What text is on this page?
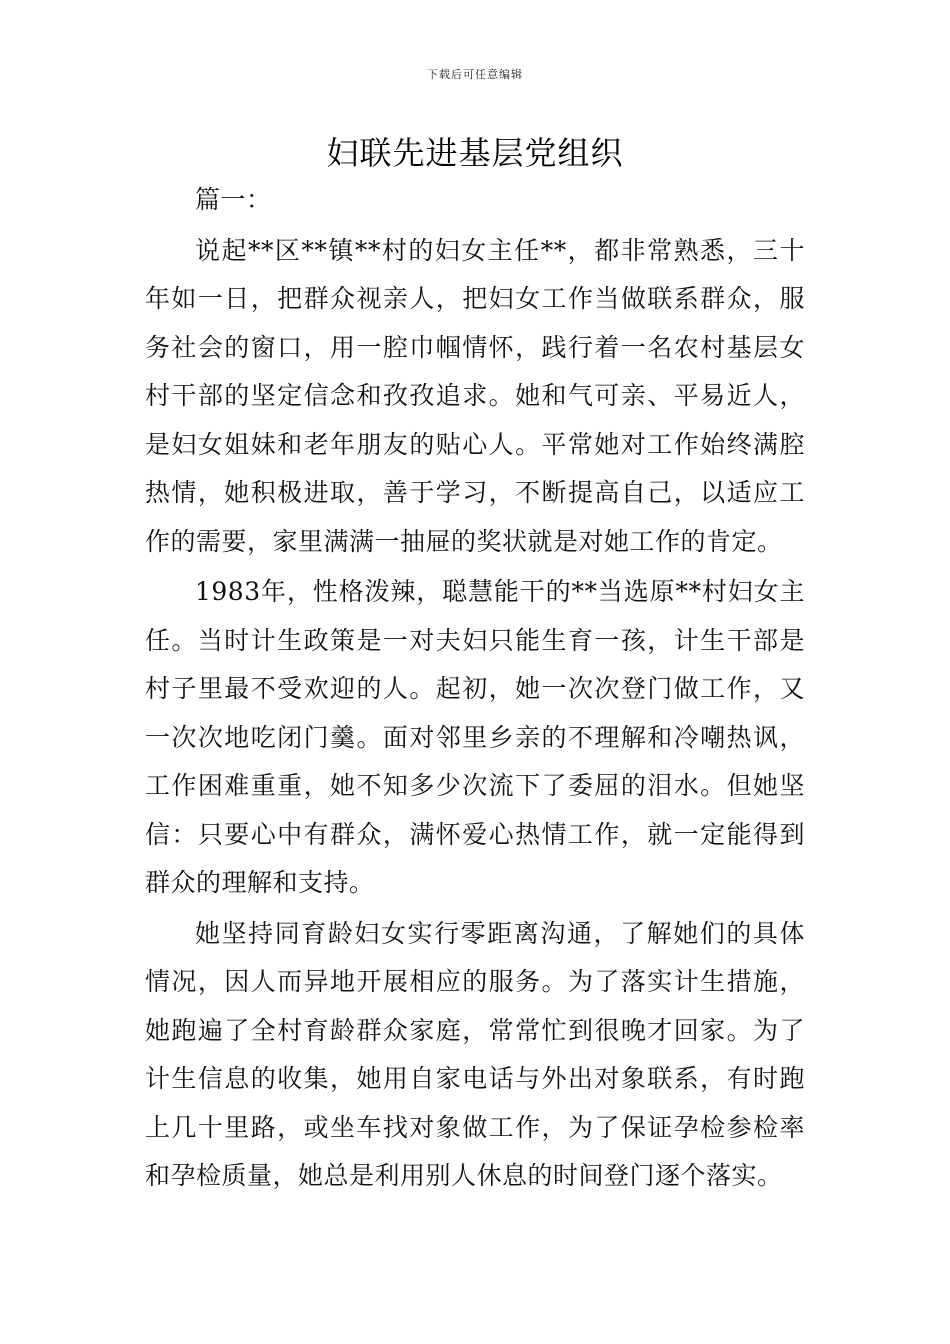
下载后可任意编辑
妇联先进基层党组织

篇一：

说起**区**镇**村的妇女主任**，都非常熟悉，三十年如一日，把群众视亲人，把妇女工作当做联系群众，服务社会的窗口，用一腔巾帼情怀，践行着一名农村基层女村干部的坚定信念和孜孜追求。她和气可亲、平易近人，是妇女姐妹和老年朋友的贴心人。平常她对工作始终满腔热情，她积极进取，善于学习，不断提高自己，以适应工作的需要，家里满满一抽屉的奖状就是对她工作的肯定。

1983年，性格泼辣，聪慧能干的**当选原**村妇女主任。当时计生政策是一对夫妇只能生育一孩，计生干部是村子里最不受欢迎的人。起初，她一次次登门做工作，又一次次地吃闭门羹。面对邻里乡亲的不理解和冷嘲热讽，工作困难重重，她不知多少次流下了委屈的泪水。但她坚信：只要心中有群众，满怀爱心热情工作，就一定能得到群众的理解和支持。

她坚持同育龄妇女实行零距离沟通，了解她们的具体情况，因人而异地开展相应的服务。为了落实计生措施，她跑遍了全村育龄群众家庭，常常忙到很晚才回家。为了计生信息的收集，她用自家电话与外出对象联系，有时跑上几十里路，或坐车找对象做工作，为了保证孕检参检率和孕检质量，她总是利用别人休息的时间登门逐个落实。
